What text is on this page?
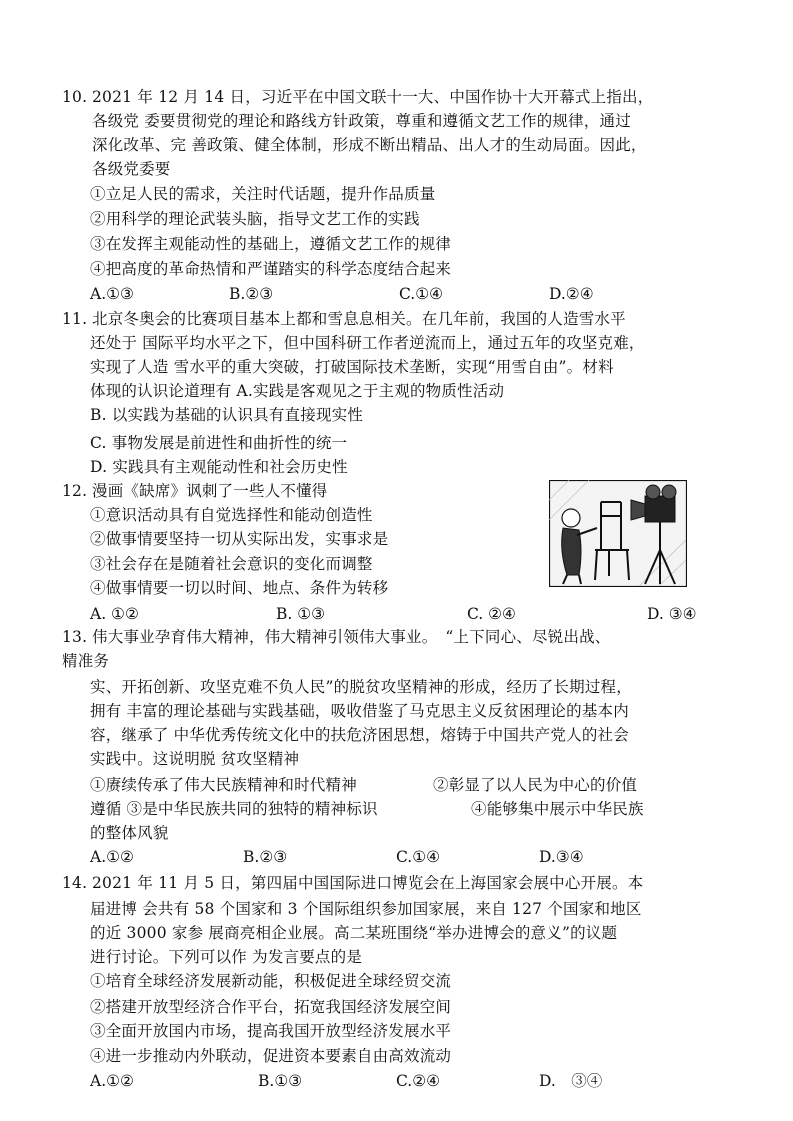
10. 2021 年 12 月 14 日，习近平在中国文联十一大、中国作协十大开幕式上指出，
各级党 委要贯彻党的理论和路线方针政策，尊重和遵循文艺工作的规律，通过
深化改革、完 善政策、健全体制，形成不断出精品、出人才的生动局面。因此，
各级党委要
①立足人民的需求，关注时代话题，提升作品质量
②用科学的理论武装头脑，指导文艺工作的实践
③在发挥主观能动性的基础上，遵循文艺工作的规律
④把高度的革命热情和严谨踏实的科学态度结合起来
A.①③	B.②③	C.①④	D.②④
11. 北京冬奥会的比赛项目基本上都和雪息息相关。在几年前，我国的人造雪水平
还处于 国际平均水平之下，但中国科研工作者逆流而上，通过五年的攻坚克难，
实现了人造 雪水平的重大突破，打破国际技术垄断，实现“用雪自由”。材料
体现的认识论道理有 A.实践是客观见之于主观的物质性活动
B. 以实践为基础的认识具有直接现实性
C. 事物发展是前进性和曲折性的统一
D. 实践具有主观能动性和社会历史性
12. 漫画《缺席》讽刺了一些人不懂得
①意识活动具有自觉选择性和能动创造性
②做事情要坚持一切从实际出发，实事求是
③社会存在是随着社会意识的变化而调整
④做事情要一切以时间、地点、条件为转移
A. ①②	B. ①③	C. ②④	D. ③④
13. 伟大事业孕育伟大精神，伟大精神引领伟大事业。　“上下同心、尽锐出战、
精准务
实、开拓创新、攻坚克难不负人民”的脱贫攻坚精神的形成，经历了长期过程，
拥有 丰富的理论基础与实践基础，吸收借鉴了马克思主义反贫困理论的基本内
容，继承了 中华优秀传统文化中的扶危济困思想，熔铸于中国共产党人的社会
实践中。这说明脱 贫攻坚精神
①赓续传承了伟大民族精神和时代精神	②彰显了以人民为中心的价值
遵循 ③是中华民族共同的独特的精神标识	④能够集中展示中华民族
的整体风貌
A.①②	B.②③	C.①④	D.③④
14. 2021 年 11 月 5 日，第四届中国国际进口博览会在上海国家会展中心开展。本
届进博 会共有 58 个国家和 3 个国际组织参加国家展，来自 127 个国家和地区
的近 3000 家参 展商亮相企业展。高二某班围绕“举办进博会的意义”的议题
进行讨论。下列可以作 为发言要点的是
①培育全球经济发展新动能，积极促进全球经贸交流
②搭建开放型经济合作平台，拓宽我国经济发展空间
③全面开放国内市场，提高我国开放型经济发展水平
④进一步推动内外联动，促进资本要素自由高效流动
A.①②	B.①③	C.②④	D.　③④
